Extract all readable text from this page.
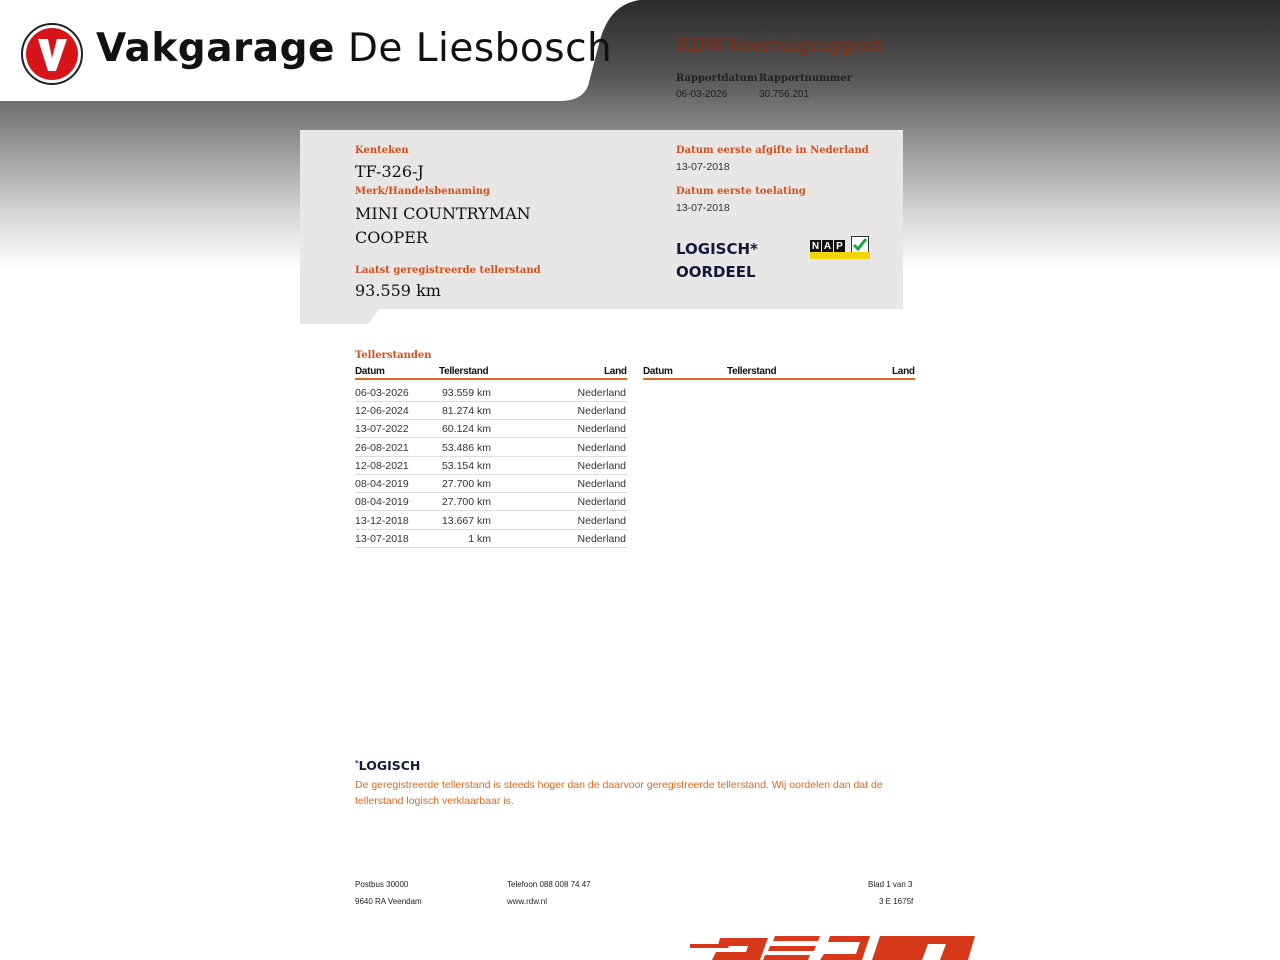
Vakgarage De Liesbosch	RDW-Voertuigrapport
Rapportdatum
06-03-2026
Rapportnummer
30.756.201
Kenteken
TF-326-J
Merk/Handelsbenaming
MINI COUNTRYMAN
COOPER
Laatst geregistreerde tellerstand
93.559 km
Datum eerste afgifte in Nederland
13-07-2018
Datum eerste toelating
13-07-2018
LOGISCH*
OORDEEL
N A P
Tellerstanden
Datum	Tellerstand	Land Datum	Tellerstand	Land
06-03-2026	93.559 km	Nederland
12-06-2024	81.274 km	Nederland
13-07-2022	60.124 km	Nederland
26-08-2021	53.486 km	Nederland
12-08-2021	53.154 km	Nederland
08-04-2019	27.700 km	Nederland
08-04-2019	27.700 km	Nederland
13-12-2018	13.667 km	Nederland
13-07-2018	1 km	Nederland
*LOGISCH
De geregistreerde tellerstand is steeds hoger dan de daarvoor geregistreerde tellerstand. Wij oordelen dan dat de tellerstand logisch verklaarbaar is.
Postbus 30000
9640 RA Veendam
Telefoon 088 008 74 47
www.rdw.nl
Blad 1 van 3
3 E 1675f
